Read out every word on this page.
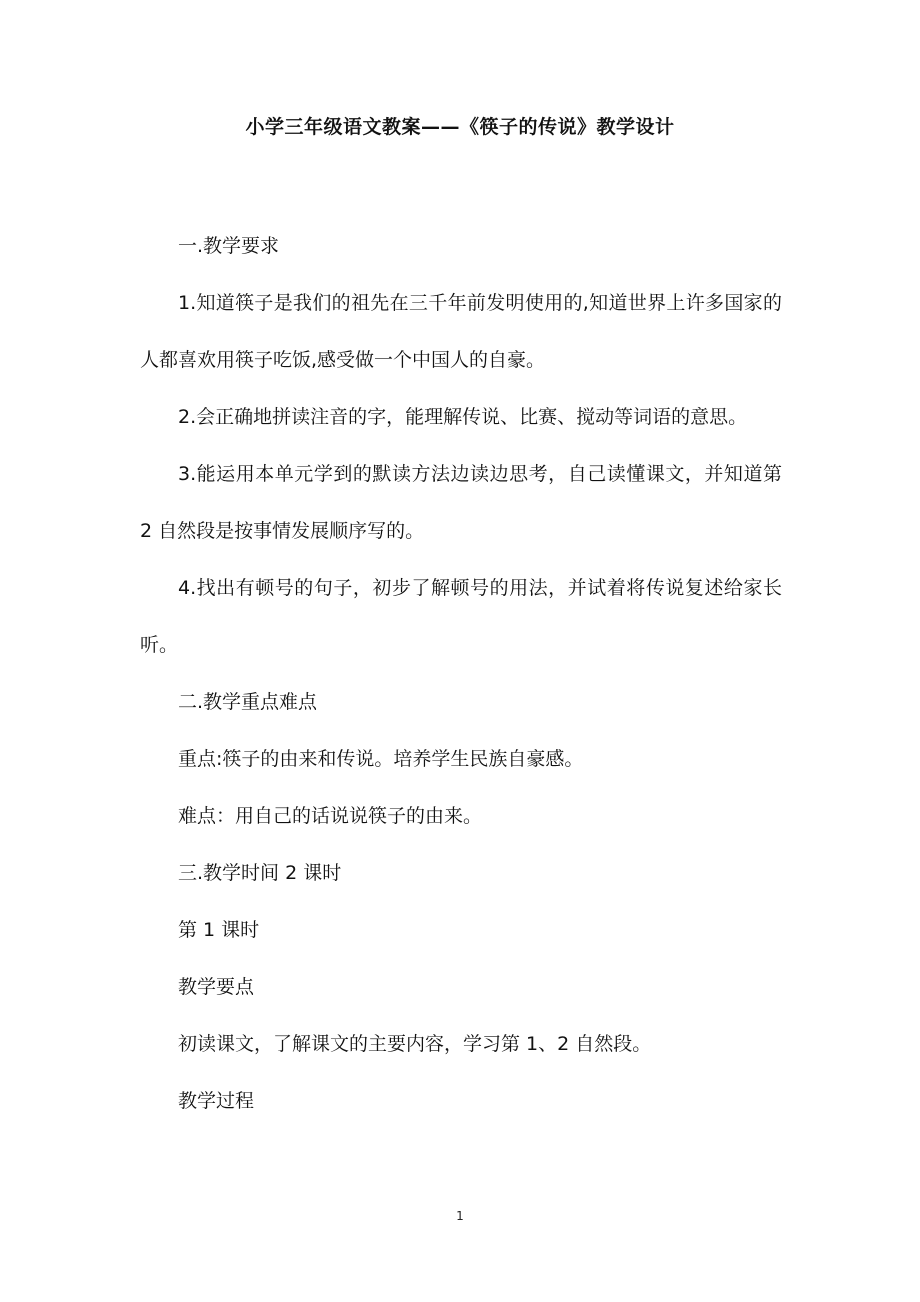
小学三年级语文教案——《筷子的传说》教学设计

一.教学要求

1.知道筷子是我们的祖先在三千年前发明使用的,知道世界上许多国家的人都喜欢用筷子吃饭,感受做一个中国人的自豪。

2.会正确地拼读注音的字，能理解传说、比赛、搅动等词语的意思。

3.能运用本单元学到的默读方法边读边思考，自己读懂课文，并知道第 2 自然段是按事情发展顺序写的。

4.找出有顿号的句子，初步了解顿号的用法，并试着将传说复述给家长听。

二.教学重点难点

重点:筷子的由来和传说。培养学生民族自豪感。

难点：用自己的话说说筷子的由来。

三.教学时间 2 课时

第 1 课时

教学要点

初读课文，了解课文的主要内容，学习第 1、2 自然段。

教学过程

1
